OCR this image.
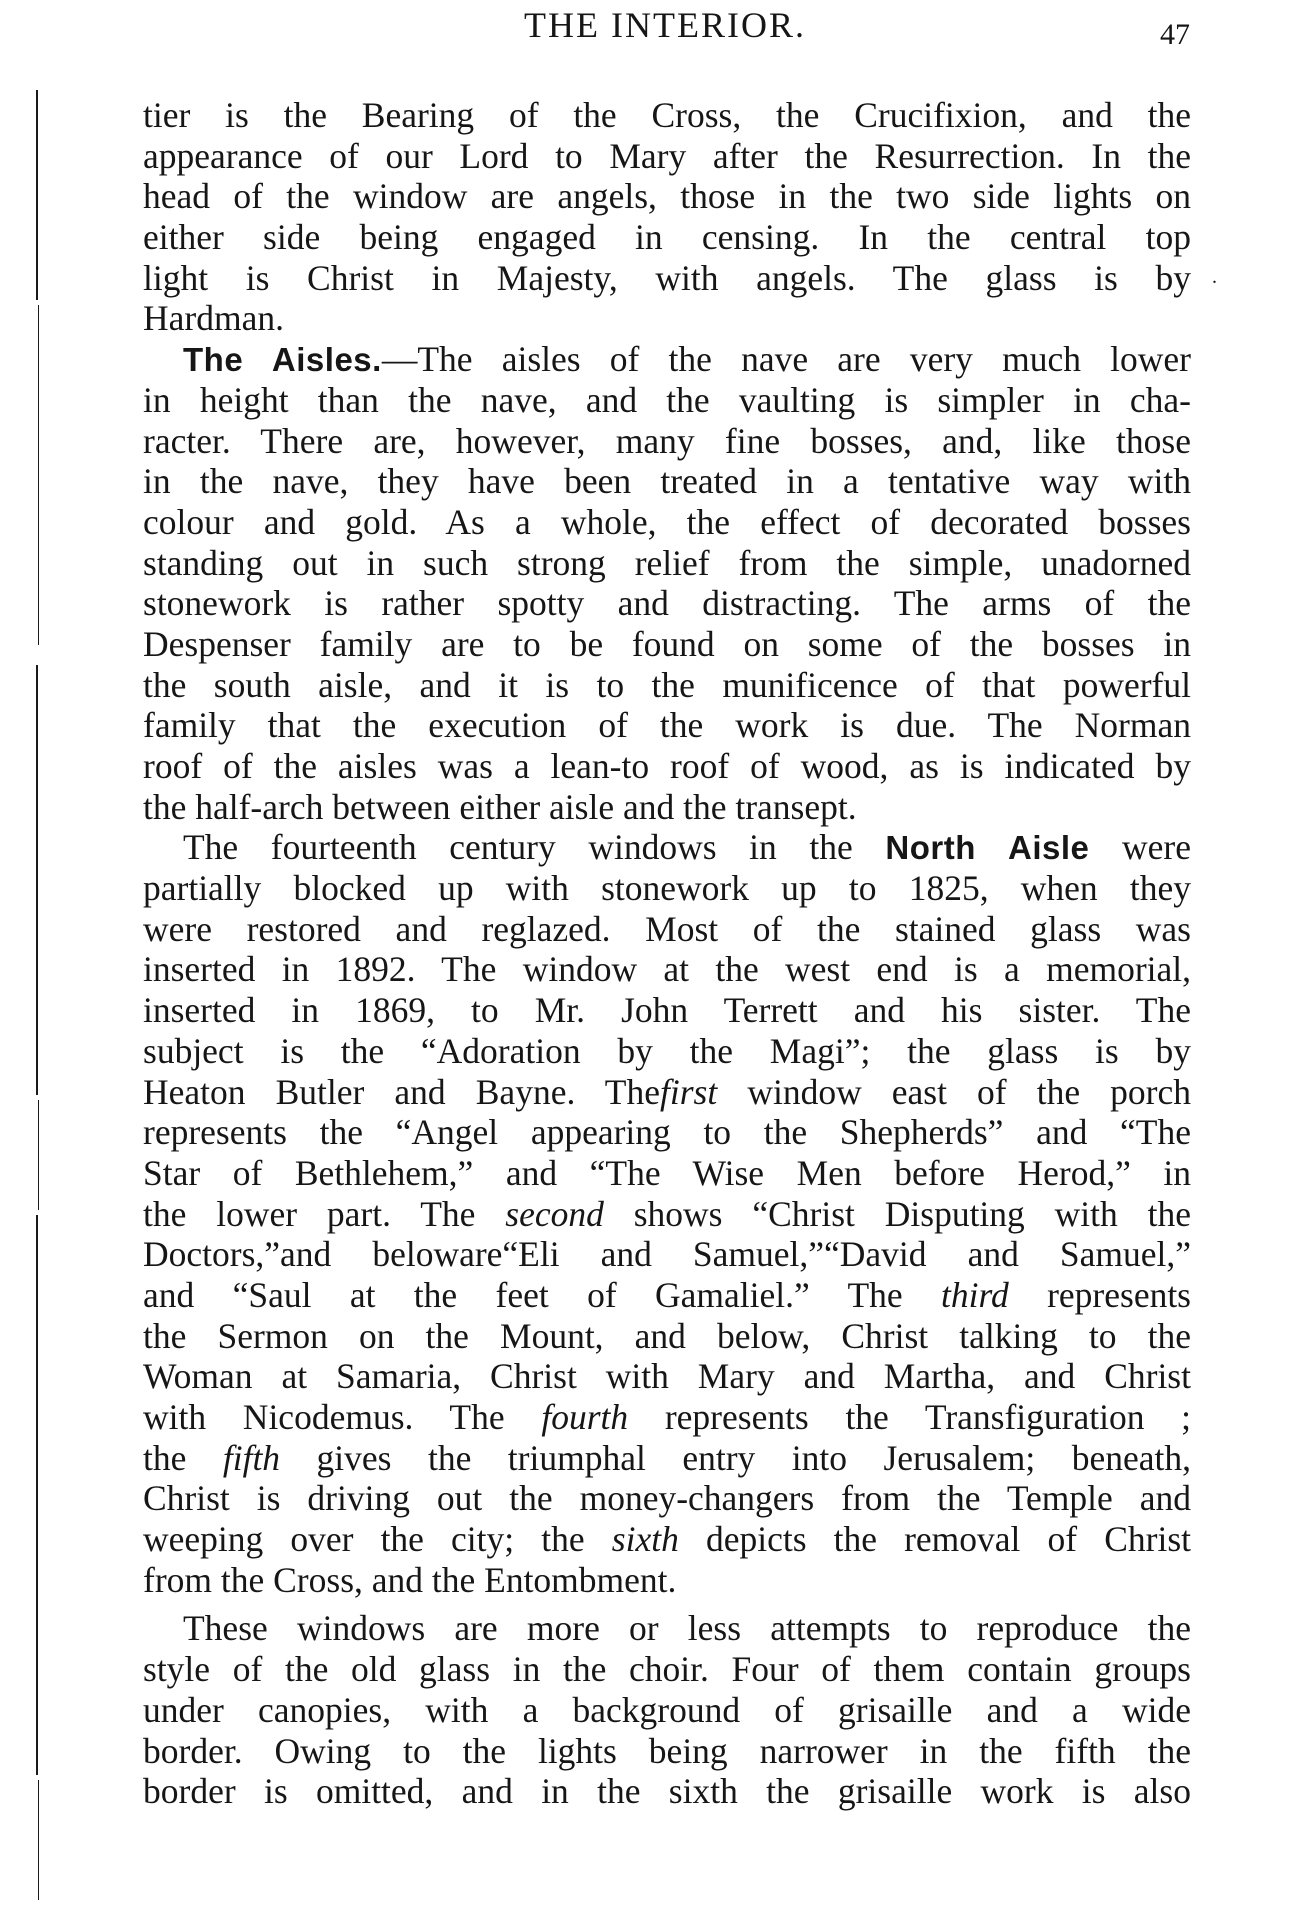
THE INTERIOR.	47
.
tier is the Bearing of the Cross, the Crucifixion, and the
appearance of our Lord to Mary after the Resurrection. In the
head of the window are angels, those in the two side lights on
either side being engaged in censing. In the central top
light is Christ in Majesty, with angels. The glass is by
Hardman.
The Aisles.—The aisles of the nave are very much lower
in height than the nave, and the vaulting is simpler in cha-
racter. There are, however, many fine bosses, and, like those
in the nave, they have been treated in a tentative way with
colour and gold. As a whole, the effect of decorated bosses
standing out in such strong relief from the simple, unadorned
stonework is rather spotty and distracting. The arms of the
Despenser family are to be found on some of the bosses in
the south aisle, and it is to the munificence of that powerful
family that the execution of the work is due. The Norman
roof of the aisles was a lean-to roof of wood, as is indicated by
the half-arch between either aisle and the transept.
The fourteenth century windows in the North Aisle were
partially blocked up with stonework up to 1825, when they
were restored and reglazed. Most of the stained glass was
inserted in 1892. The window at the west end is a memorial,
inserted in 1869, to Mr. John Terrett and his sister. The
subject is the “Adoration by the Magi”; the glass is by
Heaton Butler and Bayne. Thefirst window east of the porch
represents the “Angel appearing to the Shepherds” and “The
Star of Bethlehem,” and “The Wise Men before Herod,” in
the lower part. The second shows “Christ Disputing with the
Doctors,”and beloware“Eli and Samuel,”“David and Samuel,”
and “Saul at the feet of Gamaliel.” The third represents
the Sermon on the Mount, and below, Christ talking to the
Woman at Samaria, Christ with Mary and Martha, and Christ
with Nicodemus. The fourth represents the Transfiguration ;
the fifth gives the triumphal entry into Jerusalem; beneath,
Christ is driving out the money-changers from the Temple and
weeping over the city; the sixth depicts the removal of Christ
from the Cross, and the Entombment.
These windows are more or less attempts to reproduce the
style of the old glass in the choir. Four of them contain groups
under canopies, with a background of grisaille and a wide
border. Owing to the lights being narrower in the fifth the
border is omitted, and in the sixth the grisaille work is also
